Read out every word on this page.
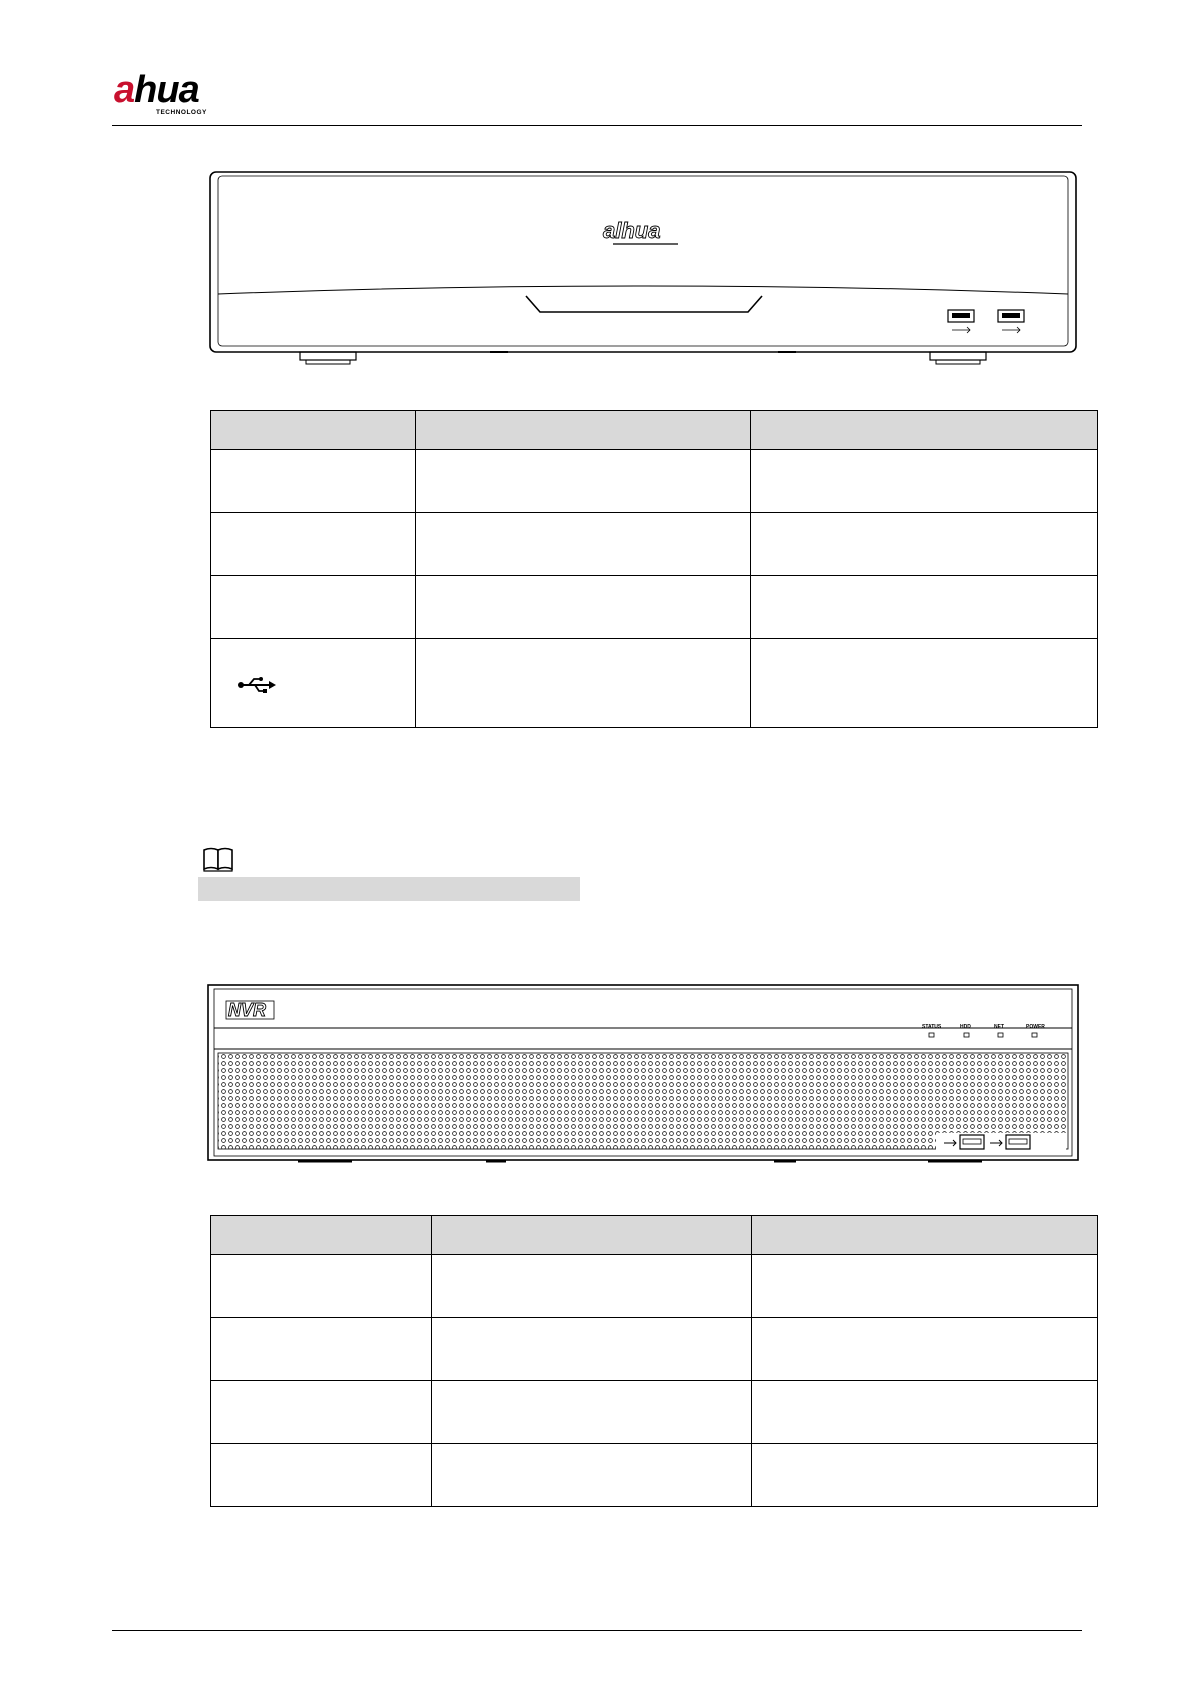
ahua
TECHNOLOGY
alhua

NVR
STATUS	HDD	NET	POWER
